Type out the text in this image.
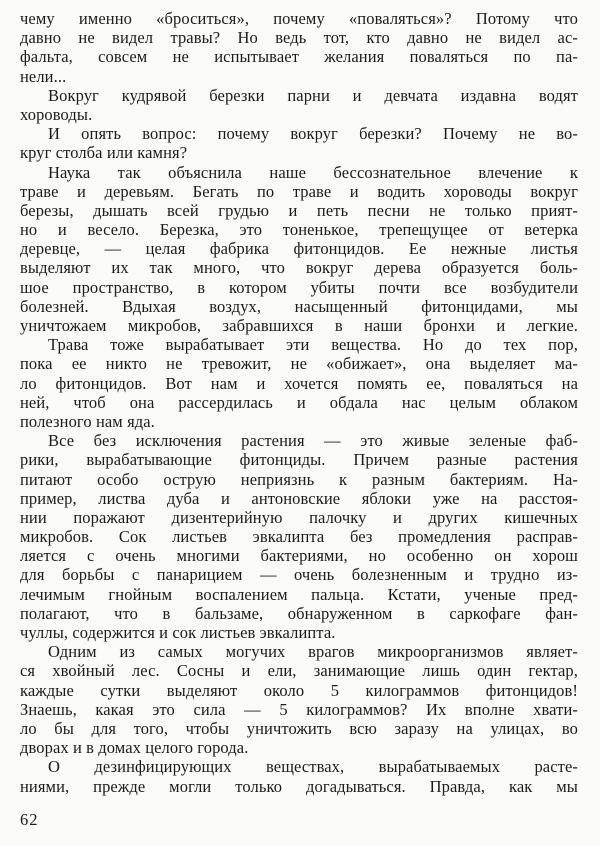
чему именно «броситься», почему «поваляться»? Потому что
давно не видел травы? Но ведь тот, кто давно не видел ас-
фальта, совсем не испытывает желания поваляться по па-
нели...
Вокруг кудрявой березки парни и девчата издавна водят
хороводы.
И опять вопрос: почему вокруг березки? Почему не во-
круг столба или камня?
Наука так объяснила наше бессознательное влечение к
траве и деревьям. Бегать по траве и водить хороводы вокруг
березы, дышать всей грудью и петь песни не только прият-
но и весело. Березка, это тоненькое, трепещущее от ветерка
деревце, — целая фабрика фитонцидов. Ее нежные листья
выделяют их так много, что вокруг дерева образуется боль-
шое пространство, в котором убиты почти все возбудители
болезней. Вдыхая воздух, насыщенный фитонцидами, мы
уничтожаем микробов, забравшихся в наши бронхи и легкие.
Трава тоже вырабатывает эти вещества. Но до тех пор,
пока ее никто не тревожит, не «обижает», она выделяет ма-
ло фитонцидов. Вот нам и хочется помять ее, поваляться на
ней, чтоб она рассердилась и обдала нас целым облаком
полезного нам яда.
Все без исключения растения — это живые зеленые фаб-
рики, вырабатывающие фитонциды. Причем разные растения
питают особо острую неприязнь к разным бактериям. На-
пример, листва дуба и антоновские яблоки уже на расстоя-
нии поражают дизентерийную палочку и других кишечных
микробов. Сок листьев эвкалипта без промедления расправ-
ляется с очень многими бактериями, но особенно он хорош
для борьбы с панарицием — очень болезненным и трудно из-
лечимым гнойным воспалением пальца. Кстати, ученые пред-
полагают, что в бальзаме, обнаруженном в саркофаге фан-
чуллы, содержится и сок листьев эвкалипта.
Одним из самых могучих врагов микроорганизмов являет-
ся хвойный лес. Сосны и ели, занимающие лишь один гектар,
каждые сутки выделяют около 5 килограммов фитонцидов!
Знаешь, какая это сила — 5 килограммов? Их вполне хвати-
ло бы для того, чтобы уничтожить всю заразу на улицах, во
дворах и в домах целого города.
О дезинфицирующих веществах, вырабатываемых расте-
ниями, прежде могли только догадываться. Правда, как мы
62
